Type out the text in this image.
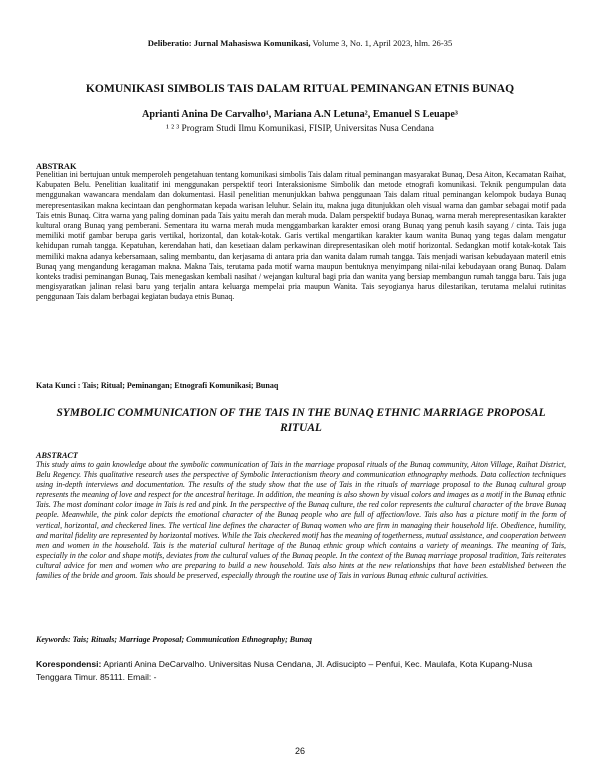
Deliberatio: Jurnal Mahasiswa Komunikasi, Volume 3, No. 1, April 2023, hlm. 26-35
KOMUNIKASI SIMBOLIS TAIS DALAM RITUAL PEMINANGAN ETNIS BUNAQ
Aprianti Anina De Carvalho¹, Mariana A.N Letuna², Emanuel S Leuape³
¹ ² ³ Program Studi Ilmu Komunikasi, FISIP, Universitas Nusa Cendana
ABSTRAK
Penelitian ini bertujuan untuk memperoleh pengetahuan tentang komunikasi simbolis Tais dalam ritual peminangan masyarakat Bunaq, Desa Aiton, Kecamatan Raihat, Kabupaten Belu. Penelitian kualitatif ini menggunakan perspektif teori Interaksionisme Simbolik dan metode etnografi komunikasi. Teknik pengumpulan data menggunakan wawancara mendalam dan dokumentasi. Hasil penelitian menunjukkan bahwa penggunaan Tais dalam ritual peminangan kelompok budaya Bunaq merepresentasikan makna kecintaan dan penghormatan kepada warisan leluhur. Selain itu, makna juga ditunjukkan oleh visual warna dan gambar sebagai motif pada Tais etnis Bunaq. Citra warna yang paling dominan pada Tais yaitu merah dan merah muda. Dalam perspektif budaya Bunaq, warna merah merepresentasikan karakter kultural orang Bunaq yang pemberani. Sementara itu warna merah muda menggambarkan karakter emosi orang Bunaq yang penuh kasih sayang / cinta. Tais juga memiliki motif gambar berupa garis vertikal, horizontal, dan kotak-kotak. Garis vertikal mengartikan karakter kaum wanita Bunaq yang tegas dalam mengatur kehidupan rumah tangga. Kepatuhan, kerendahan hati, dan kesetiaan dalam perkawinan direpresentasikan oleh motif horizontal. Sedangkan motif kotak-kotak Tais memiliki makna adanya kebersamaan, saling membantu, dan kerjasama di antara pria dan wanita dalam rumah tangga. Tais menjadi warisan kebudayaan materil etnis Bunaq yang mengandung keragaman makna. Makna Tais, terutama pada motif warna maupun bentuknya menyimpang nilai-nilai kebudayaan orang Bunaq. Dalam konteks tradisi peminangan Bunaq, Tais menegaskan kembali nasihat / wejangan kultural bagi pria dan wanita yang bersiap membangun rumah tangga baru. Tais juga mengisyaratkan jalinan relasi baru yang terjalin antara keluarga mempelai pria maupun Wanita. Tais seyogianya harus dilestarikan, terutama melalui rutinitas penggunaan Tais dalam berbagai kegiatan budaya etnis Bunaq.
Kata Kunci : Tais; Ritual; Peminangan; Etnografi Komunikasi; Bunaq
SYMBOLIC COMMUNICATION OF THE TAIS IN THE BUNAQ ETHNIC MARRIAGE PROPOSAL RITUAL
ABSTRACT
This study aims to gain knowledge about the symbolic communication of Tais in the marriage proposal rituals of the Bunaq community, Aiton Village, Raihat District, Belu Regency. This qualitative research uses the perspective of Symbolic Interactionism theory and communication ethnography methods. Data collection techniques using in-depth interviews and documentation. The results of the study show that the use of Tais in the rituals of marriage proposal to the Bunaq cultural group represents the meaning of love and respect for the ancestral heritage. In addition, the meaning is also shown by visual colors and images as a motif in the Bunaq ethnic Tais. The most dominant color image in Tais is red and pink. In the perspective of the Bunaq culture, the red color represents the cultural character of the brave Bunaq people. Meanwhile, the pink color depicts the emotional character of the Bunaq people who are full of affection/love. Tais also has a picture motif in the form of vertical, horizontal, and checkered lines. The vertical line defines the character of Bunaq women who are firm in managing their household life. Obedience, humility, and marital fidelity are represented by horizontal motives. While the Tais checkered motif has the meaning of togetherness, mutual assistance, and cooperation between men and women in the household. Tais is the material cultural heritage of the Bunaq ethnic group which contains a variety of meanings. The meaning of Tais, especially in the color and shape motifs, deviates from the cultural values of the Bunaq people. In the context of the Bunaq marriage proposal tradition, Tais reiterates cultural advice for men and women who are preparing to build a new household. Tais also hints at the new relationships that have been established between the families of the bride and groom. Tais should be preserved, especially through the routine use of Tais in various Bunaq ethnic cultural activities.
Keywords: Tais; Rituals; Marriage Proposal; Communication Ethnography; Bunaq
Korespondensi: Aprianti Anina DeCarvalho. Universitas Nusa Cendana, Jl. Adisucipto – Penfui, Kec. Maulafa, Kota Kupang-Nusa Tenggara Timur. 85111. Email: -
26
